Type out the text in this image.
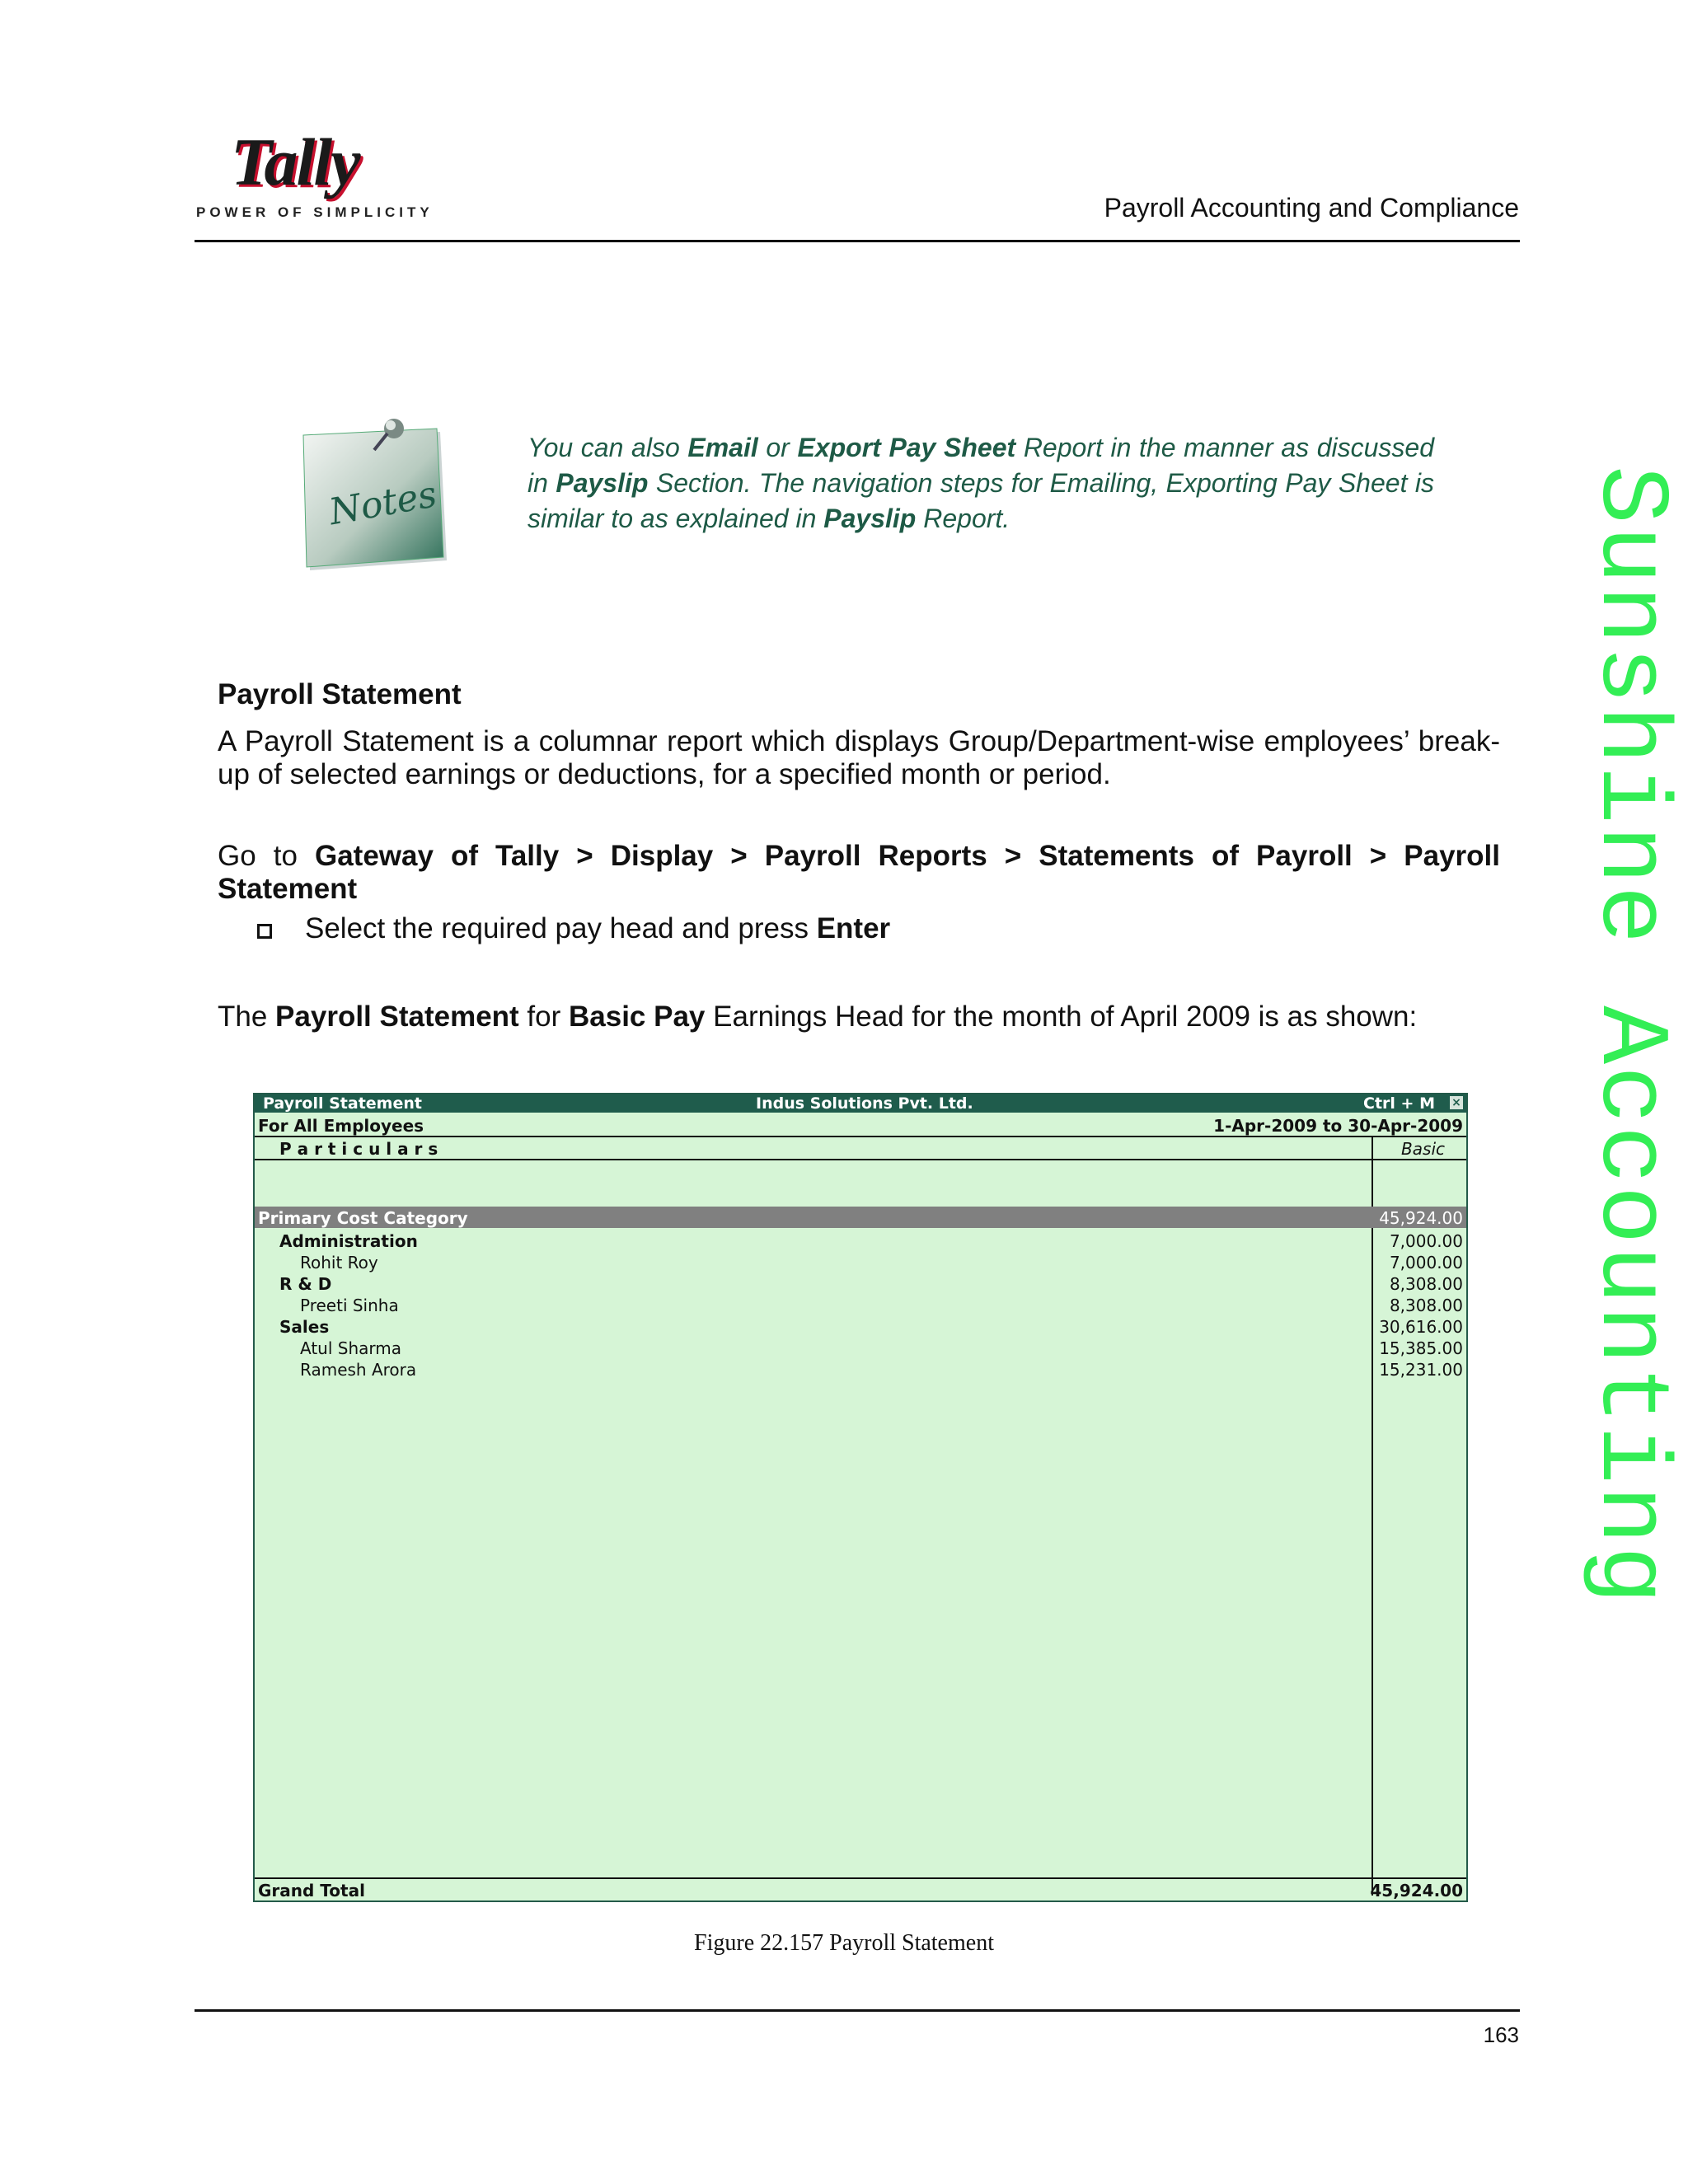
Tally
POWER OF SIMPLICITY	Payroll Accounting and Compliance
Sunshine Accounting
Notes
You can also Email or Export Pay Sheet Report in the manner as discussed in Payslip Section. The navigation steps for Emailing, Exporting Pay Sheet is similar to as explained in Payslip Report.
Payroll Statement
A Payroll Statement is a columnar report which displays Group/Department-wise employees’ break-up of selected earnings or deductions, for a specified month or period.
Go to Gateway of Tally > Display > Payroll Reports > Statements of Payroll > Payroll Statement
Select the required pay head and press Enter
The Payroll Statement for Basic Pay Earnings Head for the month of April 2009 is as shown:
Payroll Statement	Indus Solutions Pvt. Ltd.	Ctrl + M ×
For All Employees	1-Apr-2009 to 30-Apr-2009
P a r t i c u l a r s	Basic
Primary Cost Category	45,924.00
Administration	7,000.00
Rohit Roy	7,000.00
R & D	8,308.00
Preeti Sinha	8,308.00
Sales	30,616.00
Atul Sharma	15,385.00
Ramesh Arora	15,231.00
Grand Total	45,924.00
Figure 22.157 Payroll Statement
163
